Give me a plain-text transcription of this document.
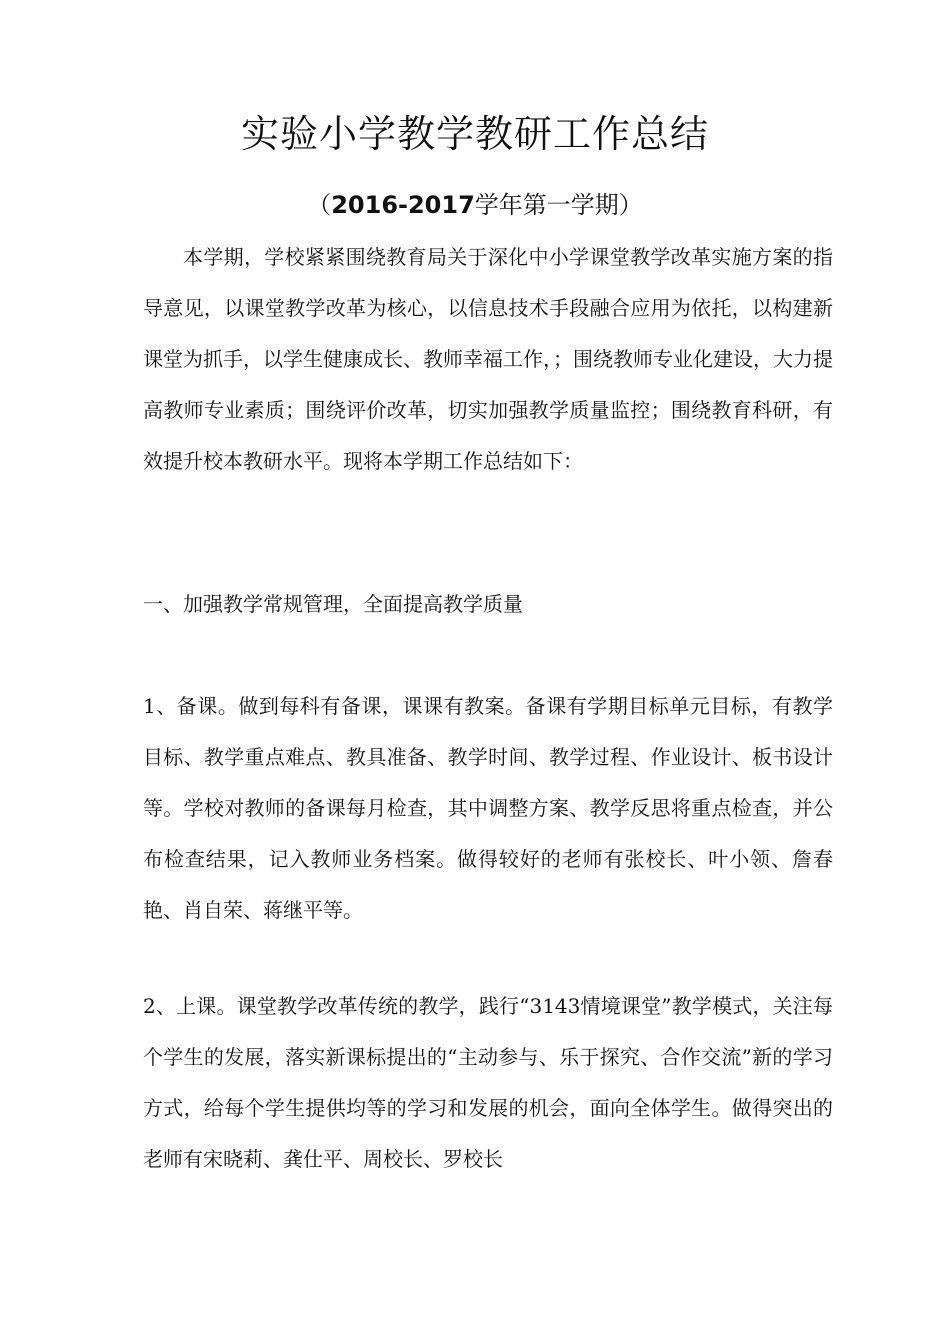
实验小学教学教研工作总结

（2016-2017学年第一学期）

本学期，学校紧紧围绕教育局关于深化中小学课堂教学改革实施方案的指导意见，以课堂教学改革为核心，以信息技术手段融合应用为依托，以构建新课堂为抓手，以学生健康成长、教师幸福工作，；围绕教师专业化建设，大力提高教师专业素质；围绕评价改革，切实加强教学质量监控；围绕教育科研，有效提升校本教研水平。现将本学期工作总结如下：

一、加强教学常规管理，全面提高教学质量

1、备课。做到每科有备课，课课有教案。备课有学期目标单元目标，有教学目标、教学重点难点、教具准备、教学时间、教学过程、作业设计、板书设计等。学校对教师的备课每月检查，其中调整方案、教学反思将重点检查，并公布检查结果，记入教师业务档案。做得较好的老师有张校长、叶小领、詹春艳、肖自荣、蒋继平等。

2、上课。课堂教学改革传统的教学，践行“3143情境课堂”教学模式，关注每个学生的发展，落实新课标提出的“主动参与、乐于探究、合作交流”新的学习方式，给每个学生提供均等的学习和发展的机会，面向全体学生。做得突出的老师有宋晓莉、龚仕平、周校长、罗校长
